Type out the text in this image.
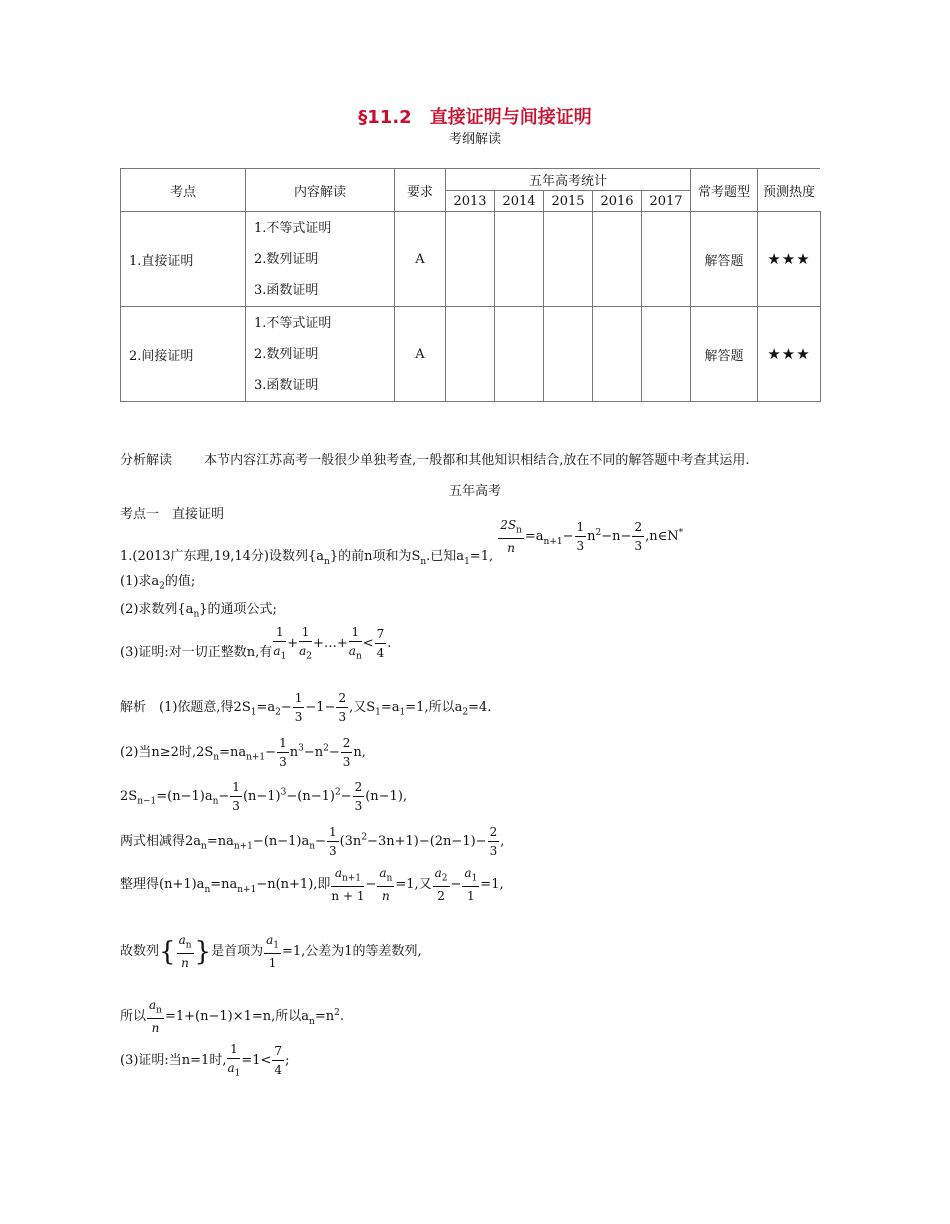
§11.2　直接证明与间接证明
考纲解读
考点	内容解读	要求	五年高考统计					常考题型	预测热度
			2013	2014	2015	2016	2017		
1.直接证明	1.不等式证明
2.数列证明
3.函数证明	A						解答题	★★★
2.间接证明	1.不等式证明
2.数列证明
3.函数证明	A						解答题	★★★
分析解读 本节内容江苏高考一般很少单独考查,一般都和其他知识相结合,放在不同的解答题中考查其运用.
五年高考
考点一　直接证明
1.(2013广东理,19,14分)设数列$\{a_n\}$的前n项和为$S_n$.已知$a_1=1$,
$\frac{2S_n}{n} =a_{n+1}- \frac{1}{3} n^2-n- \frac{2}{3}$ ,n∈N*
(1)求$a_2$的值;
(2)求数列$\{a_n\}$的通项公式;
(3)证明:对一切正整数n,有 $\frac{1}{a_1} + \frac{1}{a_2}$ +…+ $\frac{1}{a_n} < \frac{7}{4}$ .
解析　(1)依题意,得$2S_1=a_2- \frac{1}{3} -1- \frac{2}{3}$ ,又$S_1=a_1=1$,所以$a_2=4$.
(2)当n≥2时$,2S_n=na_{n+1}- \frac{1}{3} n^3-n^2- \frac{2}{3} n$,
$2S_{n-1}=(n-1)a_n- \frac{1}{3} (n-1)^3-(n-1)^2- \frac{2}{3} (n-1)$,
两式相减得$2a_n=na_{n+1}-(n-1)a_n- \frac{1}{3} (3n^2-3n+1)-(2n-1)- \frac{2}{3}$ ,
整理得$(n+1)a_n=na_{n+1}-n(n+1)$,即 $\frac{a_{n+1}}{n + 1} - \frac{a_n}{n} =1$,又 $\frac{a_2}{2} - \frac{a_1}{1} =1$,
故数列{ $\frac{a_n}{n}$ }是首项为 $\frac{a_1}{1} =1$,公差为1的等差数列,
所以 $\frac{a_n}{n} =1+(n-1)\times 1=n$,所以$a_n=n^2$.
(3)证明:当n=1时, $\frac{1}{a_1} =1< \frac{7}{4}$ ;
